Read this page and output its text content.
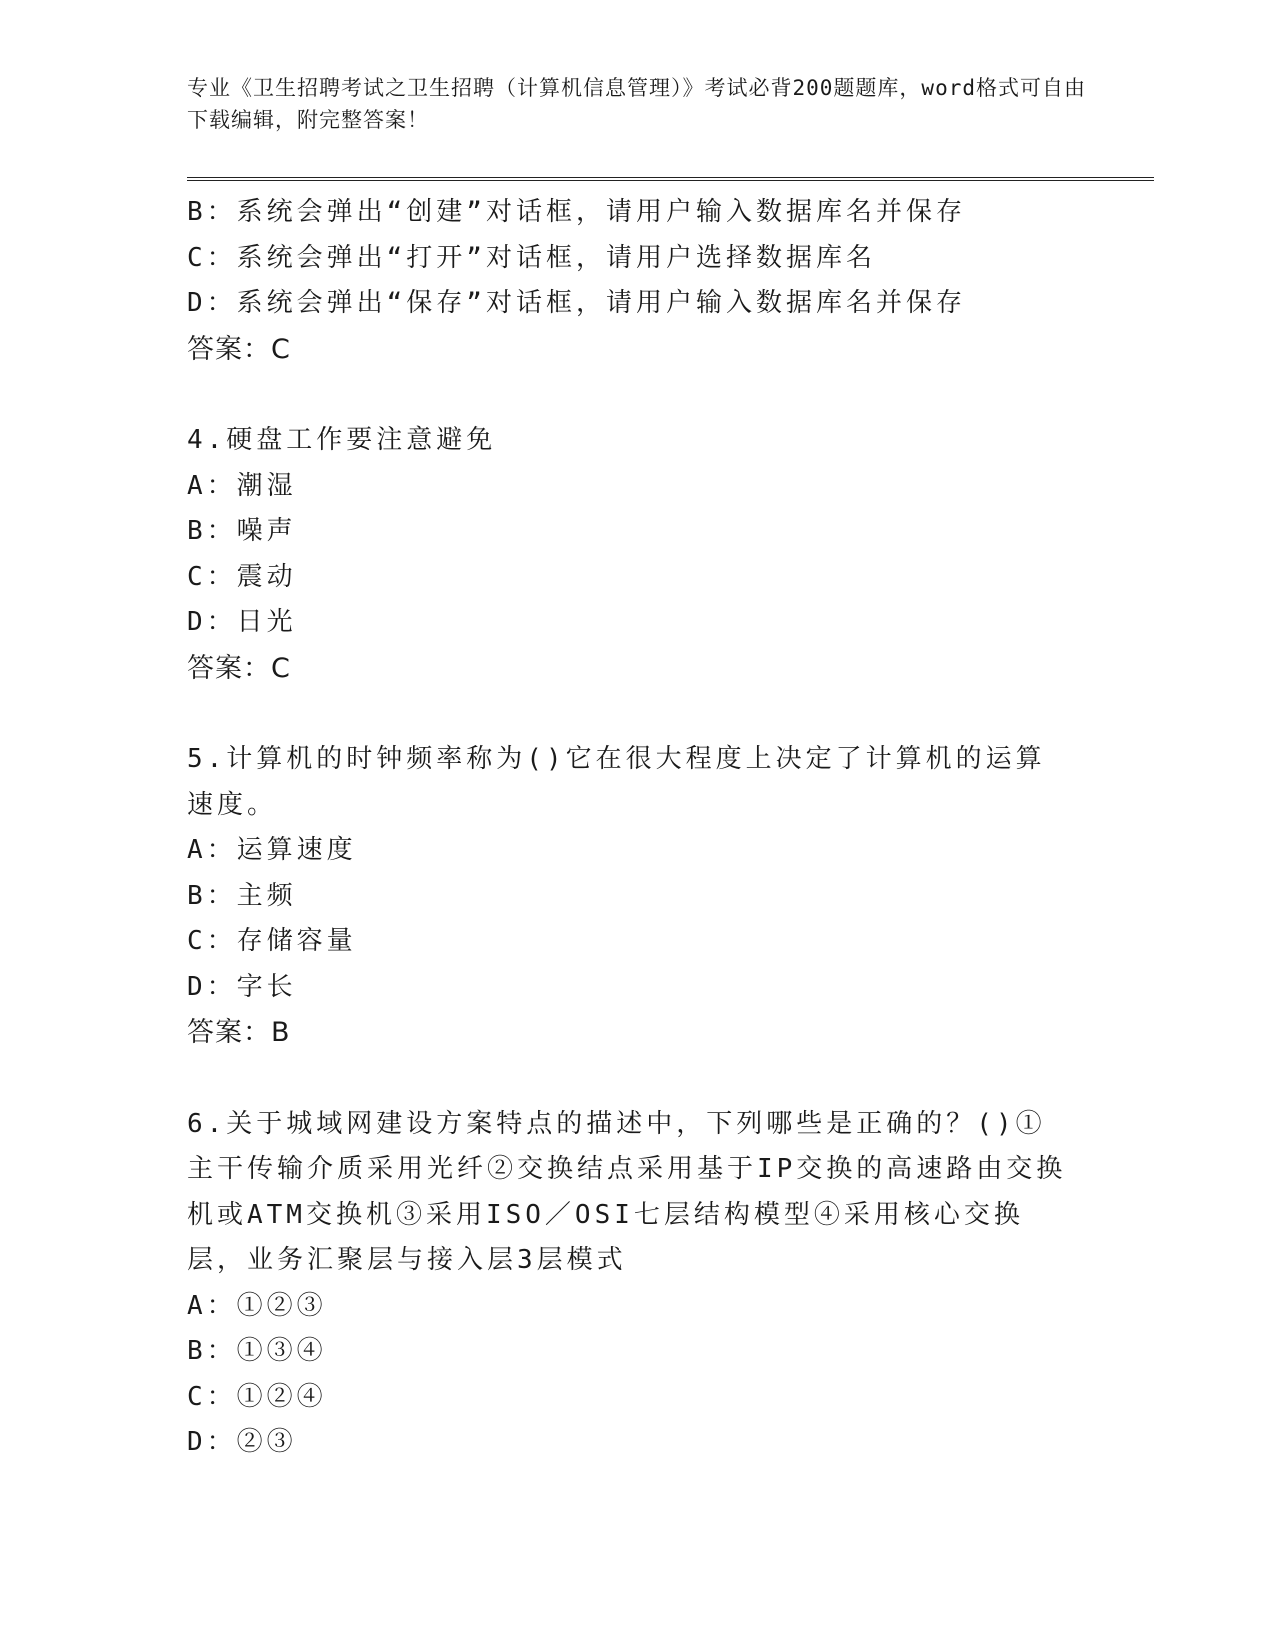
专业《卫生招聘考试之卫生招聘（计算机信息管理）》考试必背200题题库，word格式可自由下载编辑，附完整答案！
B：系统会弹出“创建”对话框，请用户输入数据库名并保存
C：系统会弹出“打开”对话框，请用户选择数据库名
D：系统会弹出“保存”对话框，请用户输入数据库名并保存
答案：C
4.硬盘工作要注意避免
A：潮湿
B：噪声
C：震动
D：日光
答案：C
5.计算机的时钟频率称为()它在很大程度上决定了计算机的运算速度。
A：运算速度
B：主频
C：存储容量
D：字长
答案：B
6.关于城域网建设方案特点的描述中，下列哪些是正确的？()①主干传输介质采用光纤②交换结点采用基于IP交换的高速路由交换机或ATM交换机③采用ISO／OSI七层结构模型④采用核心交换层，业务汇聚层与接入层3层模式
A：①②③
B：①③④
C：①②④
D：②③
